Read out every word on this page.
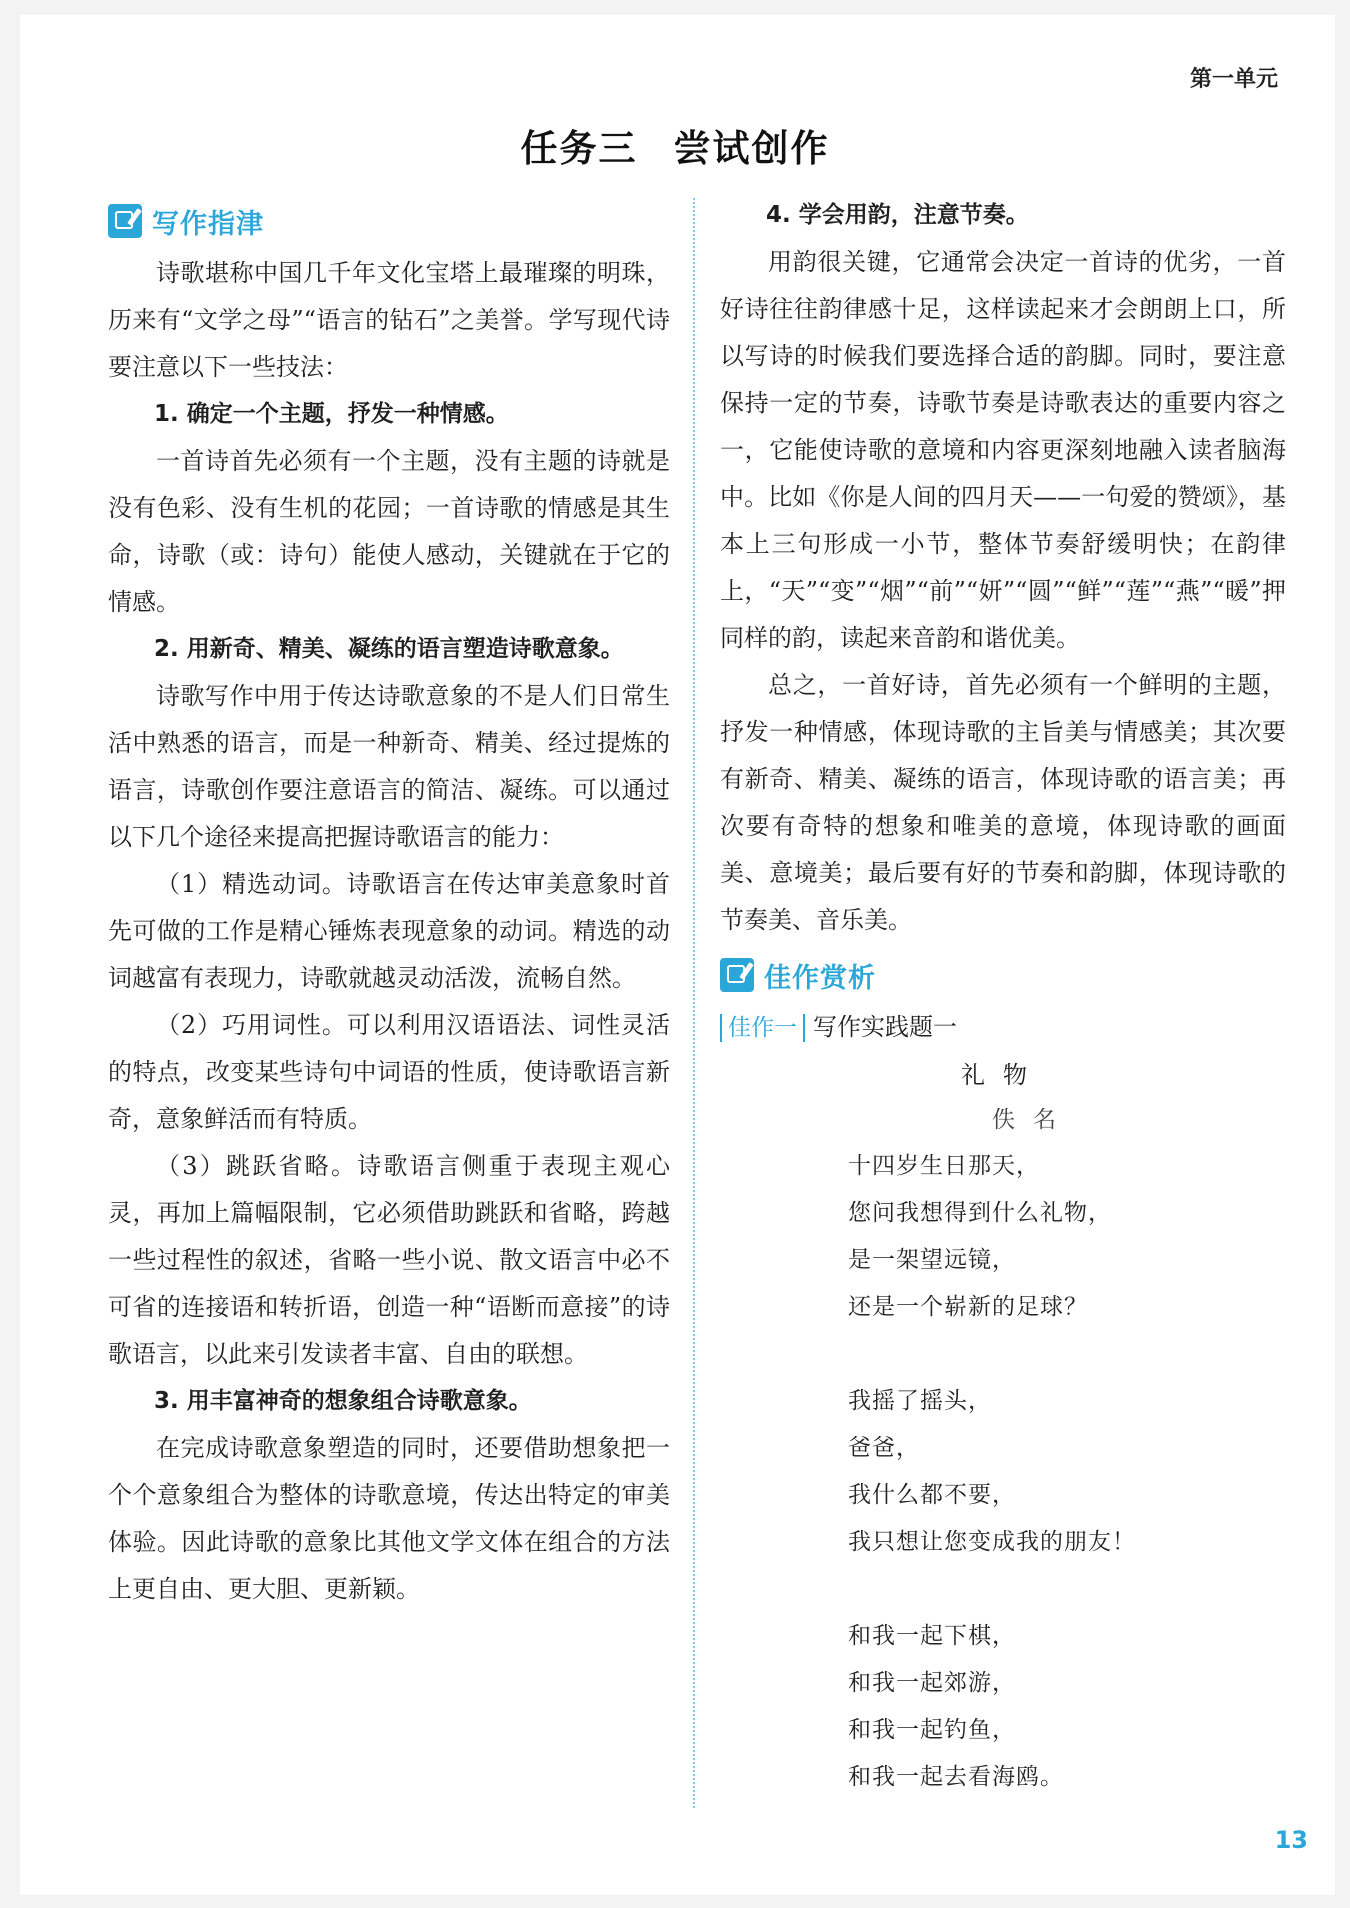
第一单元
任务三 尝试创作
写作指津

诗歌堪称中国几千年文化宝塔上最璀璨的明珠，历来有“文学之母”“语言的钻石”之美誉。学写现代诗要注意以下一些技法：

1. 确定一个主题，抒发一种情感。

一首诗首先必须有一个主题，没有主题的诗就是没有色彩、没有生机的花园；一首诗歌的情感是其生命，诗歌（或：诗句）能使人感动，关键就在于它的情感。

2. 用新奇、精美、凝练的语言塑造诗歌意象。

诗歌写作中用于传达诗歌意象的不是人们日常生活中熟悉的语言，而是一种新奇、精美、经过提炼的语言，诗歌创作要注意语言的简洁、凝练。可以通过以下几个途径来提高把握诗歌语言的能力：

（1）精选动词。诗歌语言在传达审美意象时首先可做的工作是精心锤炼表现意象的动词。精选的动词越富有表现力，诗歌就越灵动活泼，流畅自然。

（2）巧用词性。可以利用汉语语法、词性灵活的特点，改变某些诗句中词语的性质，使诗歌语言新奇，意象鲜活而有特质。

（3）跳跃省略。诗歌语言侧重于表现主观心灵，再加上篇幅限制，它必须借助跳跃和省略，跨越一些过程性的叙述，省略一些小说、散文语言中必不可省的连接语和转折语，创造一种“语断而意接”的诗歌语言，以此来引发读者丰富、自由的联想。

3. 用丰富神奇的想象组合诗歌意象。

在完成诗歌意象塑造的同时，还要借助想象把一个个意象组合为整体的诗歌意境，传达出特定的审美体验。因此诗歌的意象比其他文学文体在组合的方法上更自由、更大胆、更新颖。

4. 学会用韵，注意节奏。

用韵很关键，它通常会决定一首诗的优劣，一首好诗往往韵律感十足，这样读起来才会朗朗上口，所以写诗的时候我们要选择合适的韵脚。同时，要注意保持一定的节奏，诗歌节奏是诗歌表达的重要内容之一，它能使诗歌的意境和内容更深刻地融入读者脑海中。比如《你是人间的四月天——一句爱的赞颂》，基本上三句形成一小节，整体节奏舒缓明快；在韵律上，“天”“变”“烟”“前”“妍”“圆”“鲜”“莲”“燕”“暖”押同样的韵，读起来音韵和谐优美。

总之，一首好诗，首先必须有一个鲜明的主题，抒发一种情感，体现诗歌的主旨美与情感美；其次要有新奇、精美、凝练的语言，体现诗歌的语言美；再次要有奇特的想象和唯美的意境，体现诗歌的画面美、意境美；最后要有好的节奏和韵脚，体现诗歌的节奏美、音乐美。

佳作赏析
佳作一 写作实践题一
礼物
佚名
十四岁生日那天，
您问我想得到什么礼物，
是一架望远镜，
还是一个崭新的足球？
我摇了摇头，
爸爸，
我什么都不要，
我只想让您变成我的朋友！
和我一起下棋，
和我一起郊游，
和我一起钓鱼，
和我一起去看海鸥。
13
